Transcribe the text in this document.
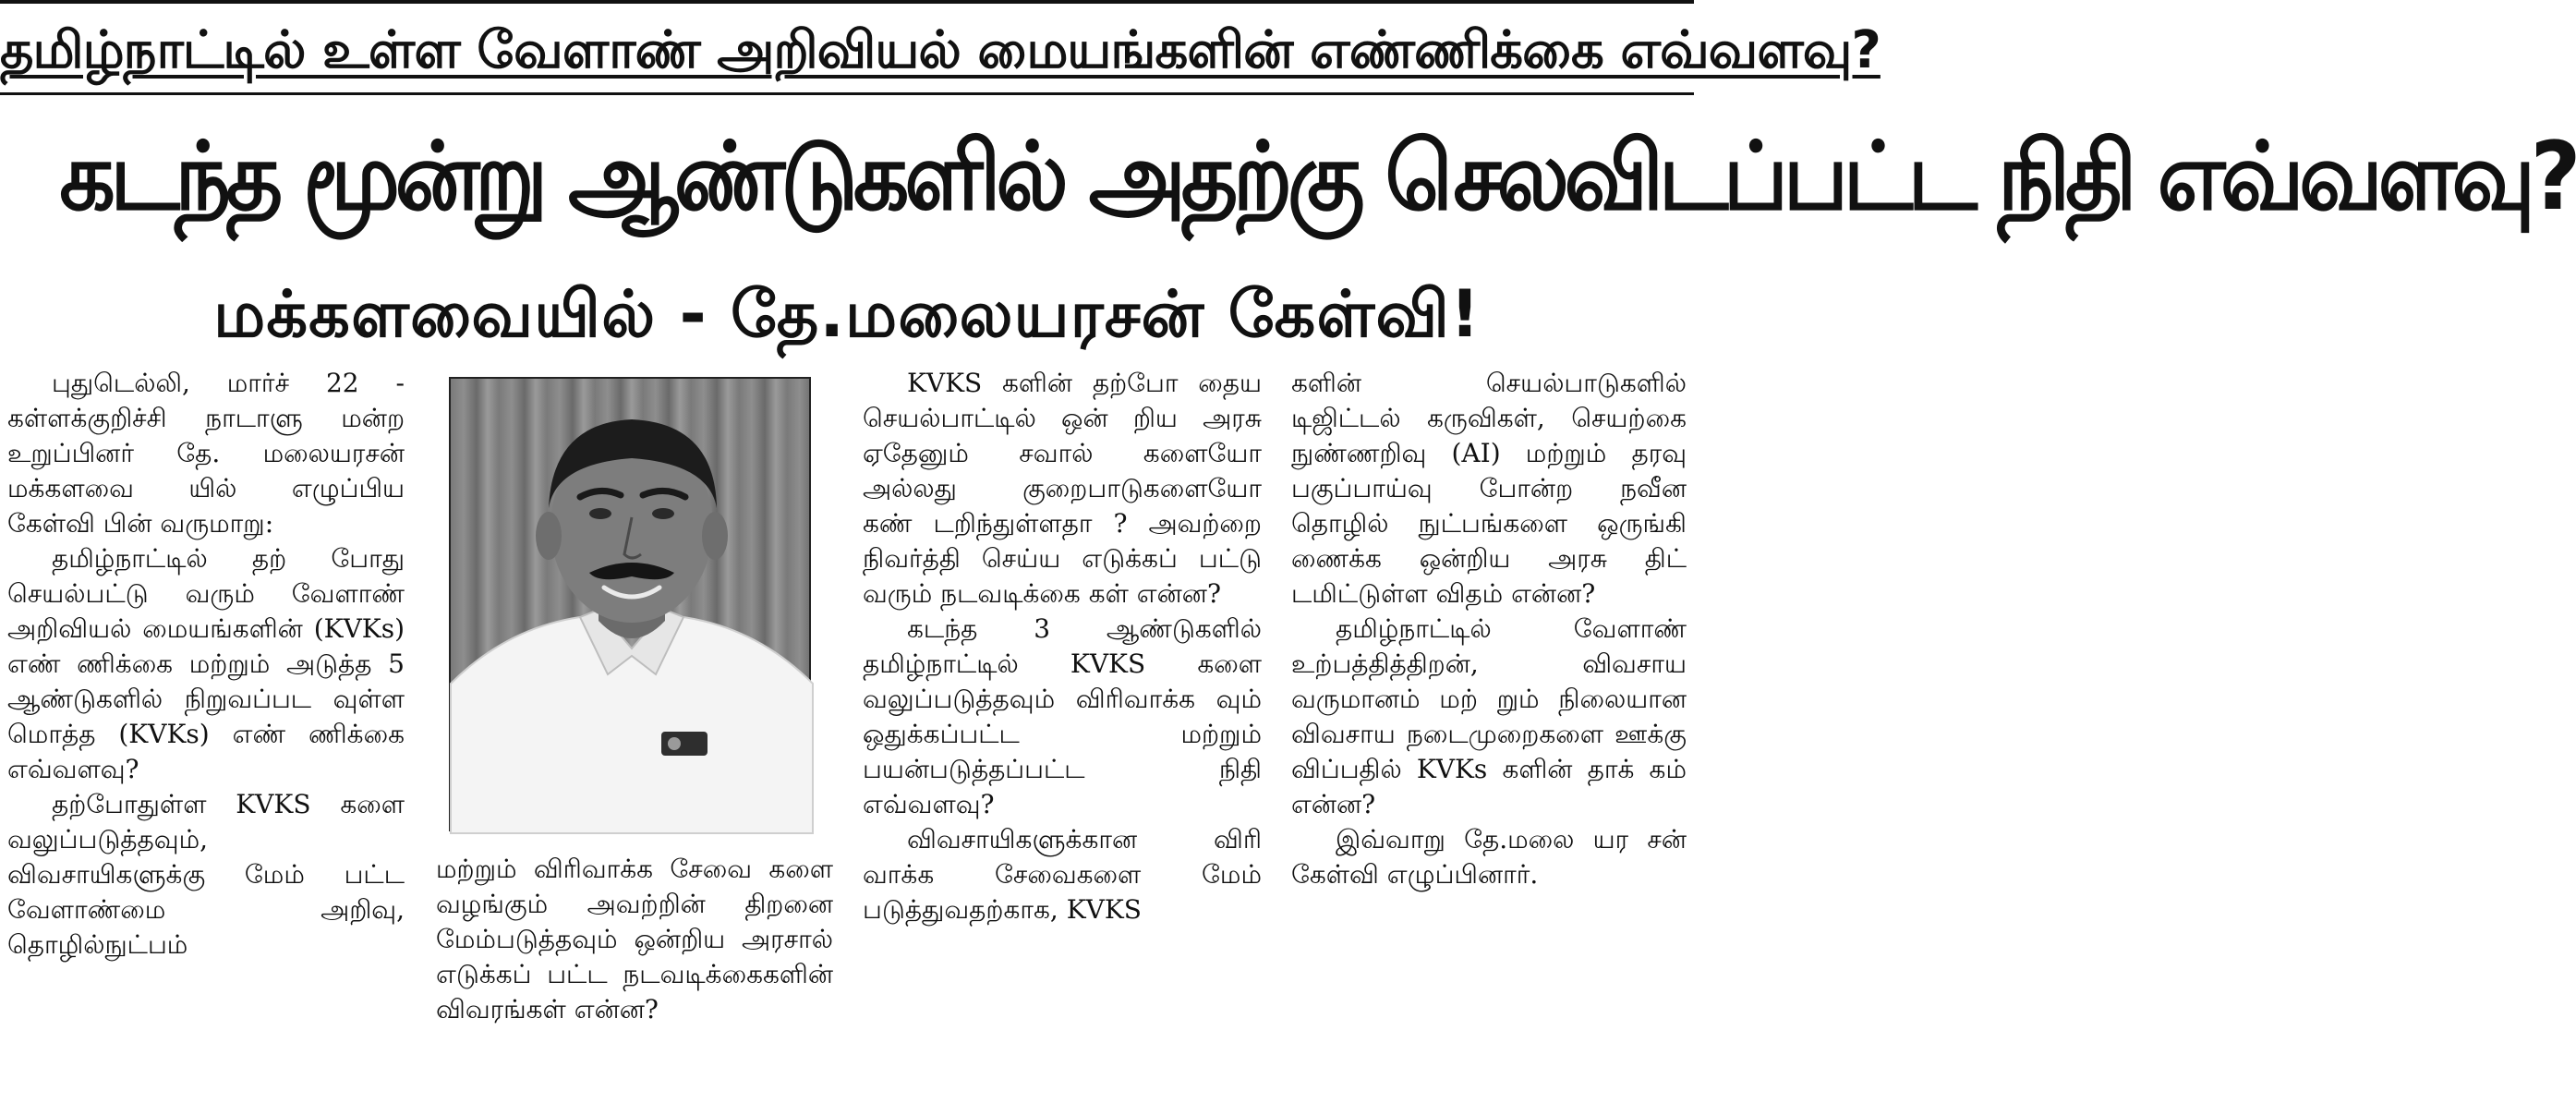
தமிழ்நாட்டில் உள்ள வேளாண் அறிவியல் மையங்களின் எண்ணிக்கை எவ்வளவு?
கடந்த மூன்று ஆண்டுகளில் அதற்கு செலவிடப்பட்ட நிதி எவ்வளவு?
மக்களவையில் - தே.மலையரசன் கேள்வி!

புதுடெல்லி, மார்ச் 22 - கள்ளக்குறிச்சி நாடாளு மன்ற உறுப்பினர் தே. மலையரசன் மக்களவை யில் எழுப்பிய கேள்வி பின் வருமாறு:

தமிழ்நாட்டில் தற் போது செயல்பட்டு வரும் வேளாண் அறிவியல் மையங்களின் (KVKs) எண் ணிக்கை மற்றும் அடுத்த 5 ஆண்டுகளில் நிறுவப்பட வுள்ள மொத்த (KVKs) எண் ணிக்கை எவ்வளவு?

தற்போதுள்ள KVKS களை வலுப்படுத்தவும், விவசாயிகளுக்கு மேம் பட்ட வேளாண்மை அறிவு, தொழில்நுட்பம்

மற்றும் விரிவாக்க சேவை களை வழங்கும் அவற்றின் திறனை மேம்படுத்தவும் ஒன்றிய அரசால் எடுக்கப் பட்ட நடவடிக்கைகளின் விவரங்கள் என்ன?

KVKS களின் தற்போ தைய செயல்பாட்டில் ஒன் றிய அரசு ஏதேனும் சவால் களையோ அல்லது குறைபாடுகளையோ கண் டறிந்துள்ளதா ? அவற்றை நிவர்த்தி செய்ய எடுக்கப் பட்டு வரும் நடவடிக்கை கள் என்ன?

கடந்த 3 ஆண்டுகளில் தமிழ்நாட்டில் KVKS களை வலுப்படுத்தவும் விரிவாக்க வும் ஒதுக்கப்பட்ட மற்றும் பயன்படுத்தப்பட்ட நிதி எவ்வளவு?

விவசாயிகளுக்கான விரி வாக்க சேவைகளை மேம் படுத்துவதற்காக, KVKS

களின் செயல்பாடுகளில் டிஜிட்டல் கருவிகள், செயற்கை நுண்ணறிவு (AI) மற்றும் தரவு பகுப்பாய்வு போன்ற நவீன தொழில் நுட்பங்களை ஒருங்கி ணைக்க ஒன்றிய அரசு திட் டமிட்டுள்ள விதம் என்ன?

தமிழ்நாட்டில் வேளாண் உற்பத்தித்திறன், விவசாய வருமானம் மற் றும் நிலையான விவசாய நடைமுறைகளை ஊக்கு விப்பதில் KVKs களின் தாக் கம் என்ன?

இவ்வாறு தே.மலை யர சன் கேள்வி எழுப்பினார்.
